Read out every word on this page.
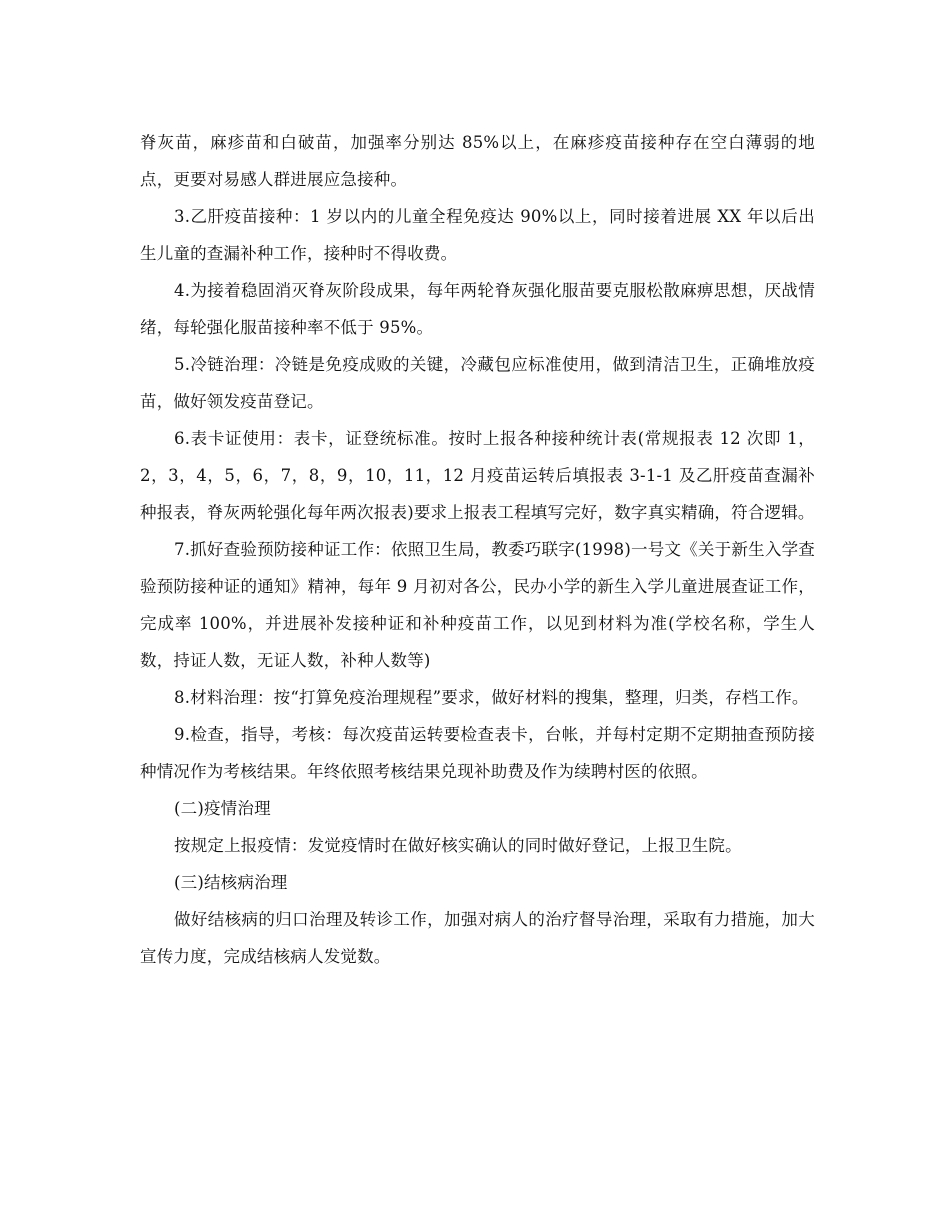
脊灰苗，麻疹苗和白破苗，加强率分别达 85%以上，在麻疹疫苗接种存在空白薄弱的地点，更要对易感人群进展应急接种。

3.乙肝疫苗接种：1 岁以内的儿童全程免疫达 90%以上，同时接着进展 XX 年以后出生儿童的查漏补种工作，接种时不得收费。

4.为接着稳固消灭脊灰阶段成果，每年两轮脊灰强化服苗要克服松散麻痹思想，厌战情绪，每轮强化服苗接种率不低于 95%。

5.冷链治理：冷链是免疫成败的关键，冷藏包应标准使用，做到清洁卫生，正确堆放疫苗，做好领发疫苗登记。

6.表卡证使用：表卡，证登统标准。按时上报各种接种统计表(常规报表 12 次即 1，2，3，4，5，6，7，8，9，10，11，12 月疫苗运转后填报表 3-1-1 及乙肝疫苗查漏补种报表，脊灰两轮强化每年两次报表)要求上报表工程填写完好，数字真实精确，符合逻辑。

7.抓好查验预防接种证工作：依照卫生局，教委巧联字(1998)一号文《关于新生入学查验预防接种证的通知》精神，每年 9 月初对各公，民办小学的新生入学儿童进展查证工作，完成率 100%，并进展补发接种证和补种疫苗工作，以见到材料为准(学校名称，学生人数，持证人数，无证人数，补种人数等)

8.材料治理：按“打算免疫治理规程”要求，做好材料的搜集，整理，归类，存档工作。

9.检查，指导，考核：每次疫苗运转要检查表卡，台帐，并每村定期不定期抽查预防接种情况作为考核结果。年终依照考核结果兑现补助费及作为续聘村医的依照。

(二)疫情治理

按规定上报疫情：发觉疫情时在做好核实确认的同时做好登记，上报卫生院。

(三)结核病治理

做好结核病的归口治理及转诊工作，加强对病人的治疗督导治理，采取有力措施，加大宣传力度，完成结核病人发觉数。
